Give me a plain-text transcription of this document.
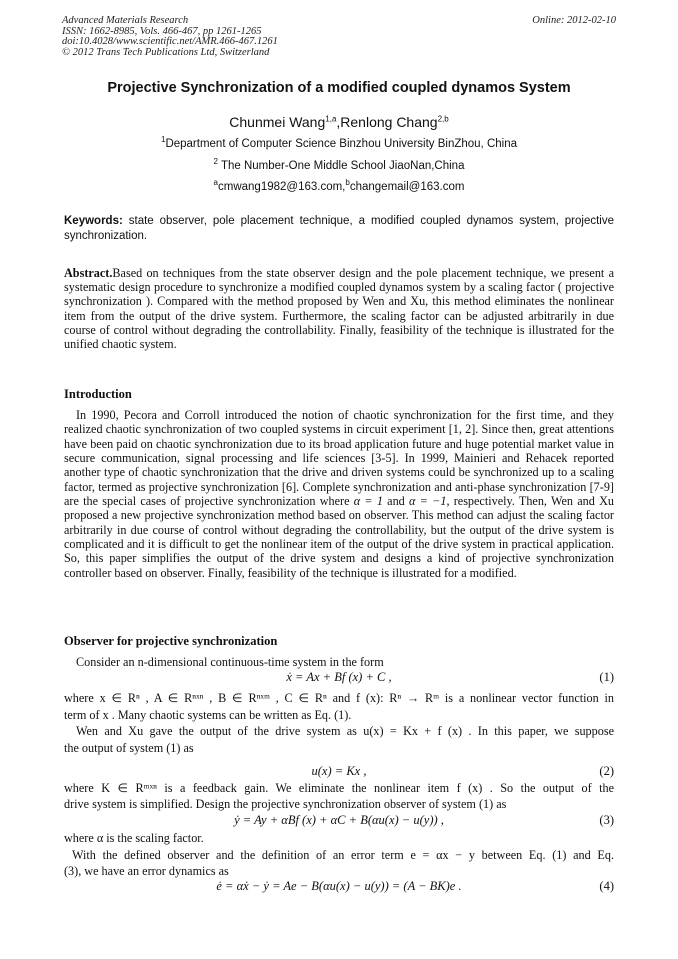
Advanced Materials Research
ISSN: 1662-8985, Vols. 466-467, pp 1261-1265
doi:10.4028/www.scientific.net/AMR.466-467.1261
© 2012 Trans Tech Publications Ltd, Switzerland
Online: 2012-02-10
Projective Synchronization of a modified coupled dynamos System
Chunmei Wang$^{1,a}$,Renlong Chang$^{2,b}$
$^1$Department of Computer Science Binzhou University BinZhou, China
$^2$ The Number-One Middle School JiaoNan,China
$^a$cmwang1982@163.com,$^b$changemail@163.com
Keywords: state observer, pole placement technique, a modified coupled dynamos system, projective synchronization.
Abstract.Based on techniques from the state observer design and the pole placement technique, we present a systematic design procedure to synchronize a modified coupled dynamos system by a scaling factor ( projective synchronization ). Compared with the method proposed by Wen and Xu, this method eliminates the nonlinear item from the output of the drive system. Furthermore, the scaling factor can be adjusted arbitrarily in due course of control without degrading the controllability. Finally, feasibility of the technique is illustrated for the unified chaotic system.
Introduction

In 1990, Pecora and Corroll introduced the notion of chaotic synchronization for the first time, and they realized chaotic synchronization of two coupled systems in circuit experiment [1, 2]. Since then, great attentions have been paid on chaotic synchronization due to its broad application future and huge potential market value in secure communication, signal processing and life sciences [3-5]. In 1999, Mainieri and Rehacek reported another type of chaotic synchronization that the drive and driven systems could be synchronized up to a scaling factor, termed as projective synchronization [6]. Complete synchronization and anti-phase synchronization [7-9] are the special cases of projective synchronization where α = 1 and α = −1, respectively. Then, Wen and Xu proposed a new projective synchronization method based on observer. This method can adjust the scaling factor arbitrarily in due course of control without degrading the controllability, but the output of the drive system is complicated and it is difficult to get the nonlinear item of the output of the drive system in practical application. So, this paper simplifies the output of the drive system and designs a kind of projective synchronization controller based on observer. Finally, feasibility of the technique is illustrated for a modified.

Observer for projective synchronization
Consider an n-dimensional continuous-time system in the form
ẋ = Ax + Bf (x) + C ,	(1)
where x ∈ Rⁿ , A ∈ Rⁿˣⁿ , B ∈ Rⁿˣᵐ , C ∈ Rⁿ and f (x): Rⁿ → Rᵐ is a nonlinear vector function in
term of x . Many chaotic systems can be written as Eq. (1).
Wen and Xu gave the output of the drive system as u(x) = Kx + f (x) . In this paper, we suppose
the output of system (1) as
u(x) = Kx ,	(2)
where K ∈ Rᵐˣⁿ is a feedback gain. We eliminate the nonlinear item f (x) . So the output of the
drive system is simplified. Design the projective synchronization observer of system (1) as
ẏ = Ay + αBf (x) + αC + B(αu(x) − u(y)) ,	(3)
where α is the scaling factor.
With the defined observer and the definition of an error term e = αx − y between Eq. (1) and Eq.
(3), we have an error dynamics as
ė = αẋ − ẏ = Ae − B(αu(x) − u(y)) = (A − BK)e .	(4)
